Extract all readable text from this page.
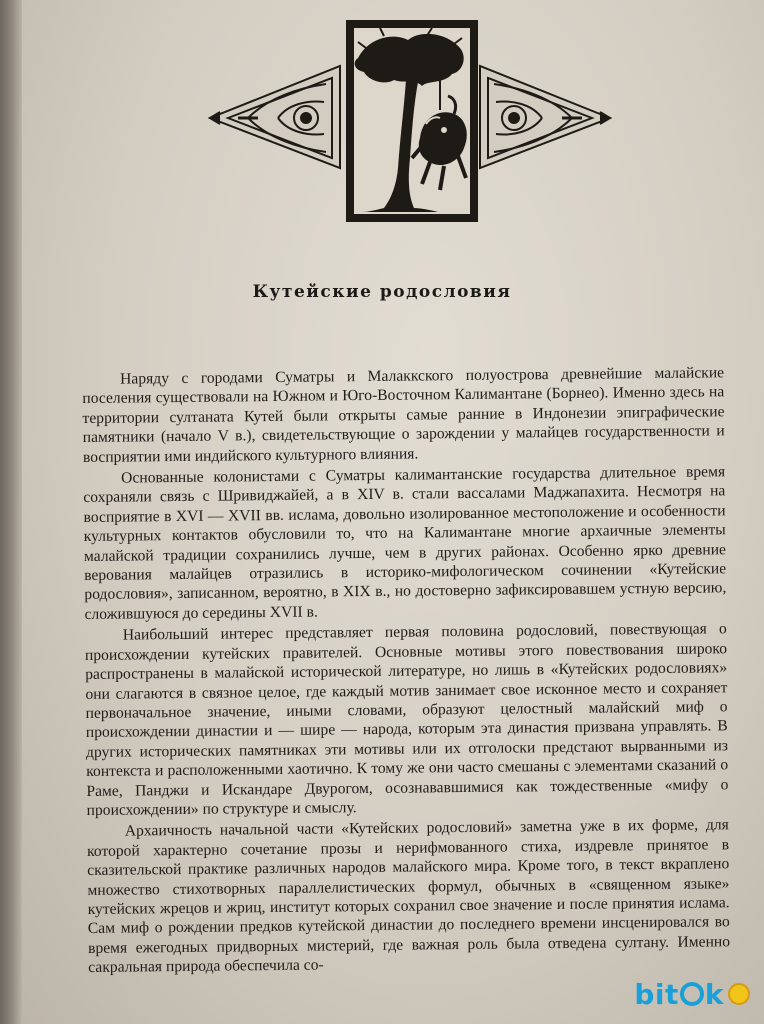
Кутейские родословия

Наряду с городами Суматры и Малаккского полуострова древнейшие малайские поселения существовали на Южном и Юго-Восточном Калимантане (Борнео). Именно здесь на территории султаната Кутей были открыты самые ранние в Индонезии эпиграфические памятники (начало V в.), свидетельствующие о зарождении у малайцев государственности и восприятии ими индийского культурного влияния.

Основанные колонистами с Суматры калимантанские государства длительное время сохраняли связь с Шривиджайей, а в XIV в. стали вассалами Маджапахита. Несмотря на восприятие в XVI — XVII вв. ислама, довольно изолированное местоположение и особенности культурных контактов обусловили то, что на Калимантане многие архаичные элементы малайской традиции сохранились лучше, чем в других районах. Особенно ярко древние верования малайцев отразились в историко-мифологическом сочинении «Кутейские родословия», записанном, вероятно, в XIX в., но достоверно зафиксировавшем устную версию, сложившуюся до середины XVII в.

Наибольший интерес представляет первая половина родословий, повествующая о происхождении кутейских правителей. Основные мотивы этого повествования широко распространены в малайской исторической литературе, но лишь в «Кутейских родословиях» они слагаются в связное целое, где каждый мотив занимает свое исконное место и сохраняет первоначальное значение, иными словами, образуют целостный малайский миф о происхождении династии и — шире — народа, которым эта династия призвана управлять. В других исторических памятниках эти мотивы или их отголоски предстают вырванными из контекста и расположенными хаотично. К тому же они часто смешаны с элементами сказаний о Раме, Панджи и Искандаре Двурогом, осознававшимися как тождественные «мифу о происхождении» по структуре и смыслу.

Архаичность начальной части «Кутейских родословий» заметна уже в их форме, для которой характерно сочетание прозы и нерифмованного стиха, издревле принятое в сказительской практике различных народов малайского мира. Кроме того, в текст вкраплено множество стихотворных параллелистических формул, обычных в «священном языке» кутейских жрецов и жриц, институт которых сохранил свое значение и после принятия ислама. Сам миф о рождении предков кутейской династии до последнего времени инсценировался во время ежегодных придворных мистерий, где важная роль была отведена султану. Именно сакральная природа обеспечила со-

bit k
